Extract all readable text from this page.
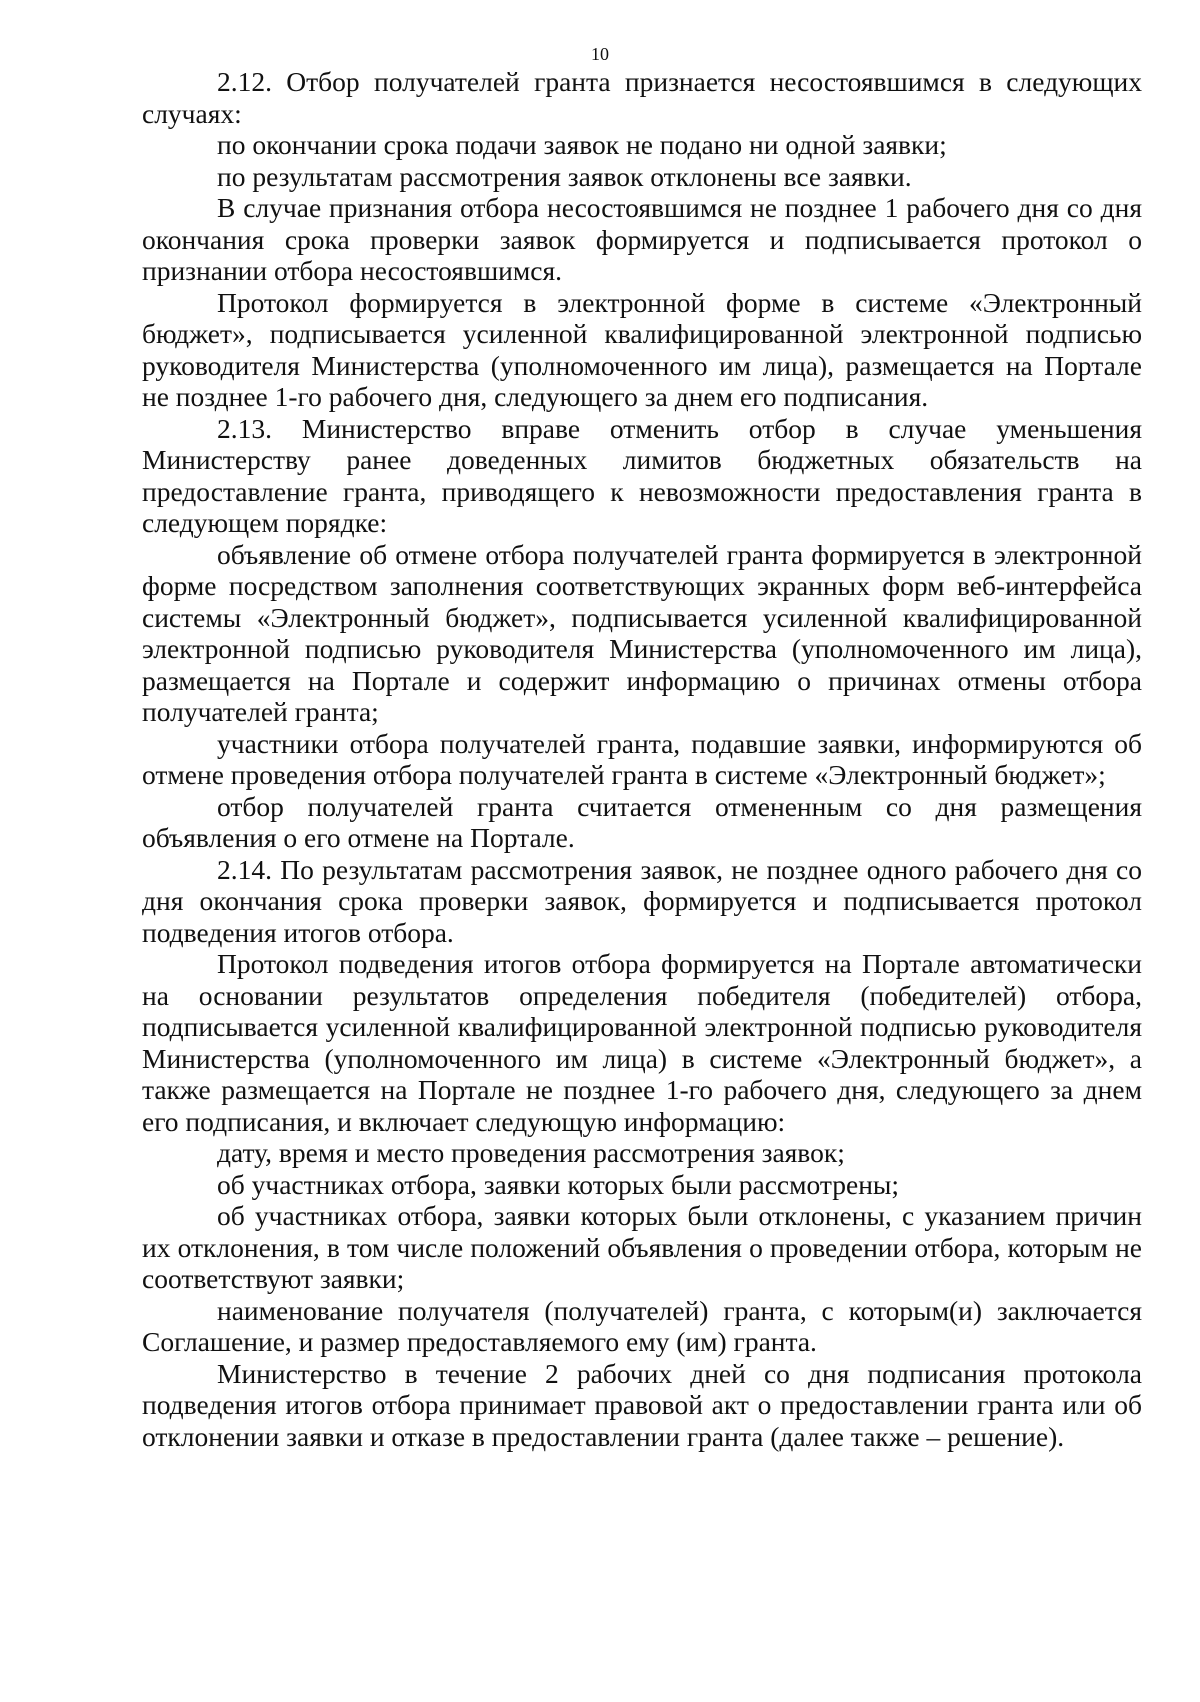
10

2.12. Отбор получателей гранта признается несостоявшимся в следующих случаях:

по окончании срока подачи заявок не подано ни одной заявки;

по результатам рассмотрения заявок отклонены все заявки.

В случае признания отбора несостоявшимся не позднее 1 рабочего дня со дня окончания срока проверки заявок формируется и подписывается протокол о признании отбора несостоявшимся.

Протокол формируется в электронной форме в системе «Электронный бюджет», подписывается усиленной квалифицированной электронной подписью руководителя Министерства (уполномоченного им лица), размещается на Портале не позднее 1-го рабочего дня, следующего за днем его подписания.

2.13. Министерство вправе отменить отбор в случае уменьшения Министерству ранее доведенных лимитов бюджетных обязательств на предоставление гранта, приводящего к невозможности предоставления гранта в следующем порядке:

объявление об отмене отбора получателей гранта формируется в электронной форме посредством заполнения соответствующих экранных форм веб-интерфейса системы «Электронный бюджет», подписывается усиленной квалифицированной электронной подписью руководителя Министерства (уполномоченного им лица), размещается на Портале и содержит информацию о причинах отмены отбора получателей гранта;

участники отбора получателей гранта, подавшие заявки, информируются об отмене проведения отбора получателей гранта в системе «Электронный бюджет»;

отбор получателей гранта считается отмененным со дня размещения объявления о его отмене на Портале.

2.14. По результатам рассмотрения заявок, не позднее одного рабочего дня со дня окончания срока проверки заявок, формируется и подписывается протокол подведения итогов отбора.

Протокол подведения итогов отбора формируется на Портале автоматически на основании результатов определения победителя (победителей) отбора, подписывается усиленной квалифицированной электронной подписью руководителя Министерства (уполномоченного им лица) в системе «Электронный бюджет», а также размещается на Портале не позднее 1-го рабочего дня, следующего за днем его подписания, и включает следующую информацию:

дату, время и место проведения рассмотрения заявок;

об участниках отбора, заявки которых были рассмотрены;

об участниках отбора, заявки которых были отклонены, с указанием причин их отклонения, в том числе положений объявления о проведении отбора, которым не соответствуют заявки;

наименование получателя (получателей) гранта, с которым(и) заключается Соглашение, и размер предоставляемого ему (им) гранта.

Министерство в течение 2 рабочих дней со дня подписания протокола подведения итогов отбора принимает правовой акт о предоставлении гранта или об отклонении заявки и отказе в предоставлении гранта (далее также – решение).
